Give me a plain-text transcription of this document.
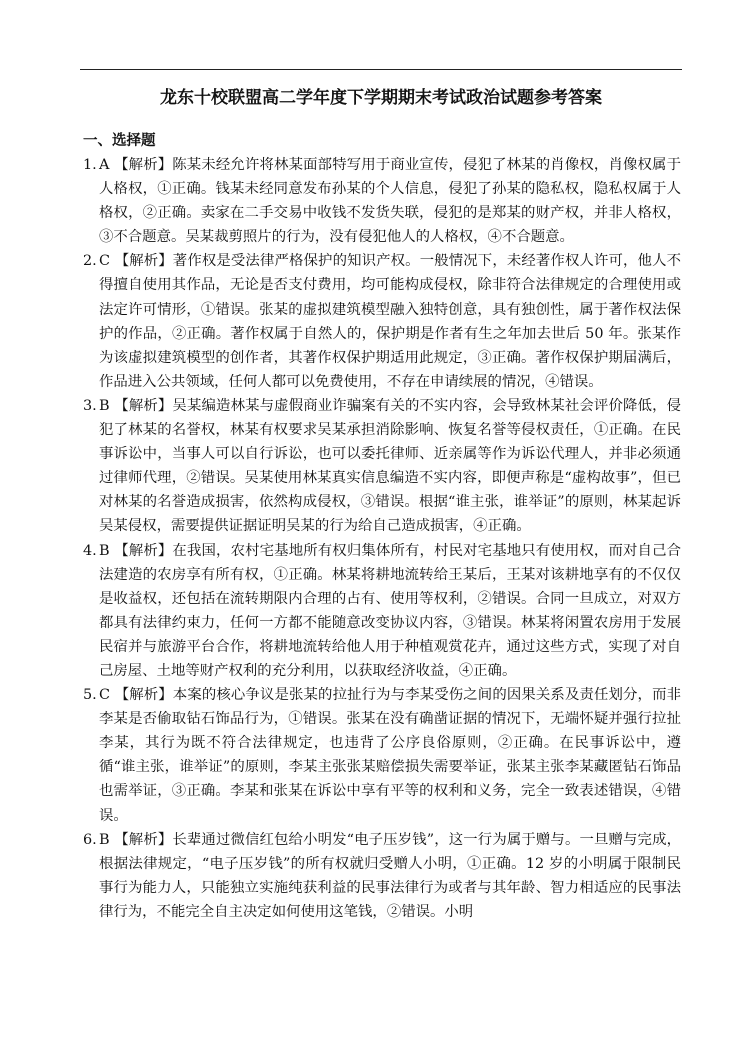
龙东十校联盟高二学年度下学期期末考试政治试题参考答案
一、选择题

1. A 【解析】陈某未经允许将林某面部特写用于商业宣传，侵犯了林某的肖像权，肖像权属于人格权，①正确。钱某未经同意发布孙某的个人信息，侵犯了孙某的隐私权，隐私权属于人格权，②正确。卖家在二手交易中收钱不发货失联，侵犯的是郑某的财产权，并非人格权，③不合题意。吴某裁剪照片的行为，没有侵犯他人的人格权，④不合题意。

2. C 【解析】著作权是受法律严格保护的知识产权。一般情况下，未经著作权人许可，他人不得擅自使用其作品，无论是否支付费用，均可能构成侵权，除非符合法律规定的合理使用或法定许可情形，①错误。张某的虚拟建筑模型融入独特创意，具有独创性，属于著作权法保护的作品，②正确。著作权属于自然人的，保护期是作者有生之年加去世后 50 年。张某作为该虚拟建筑模型的创作者，其著作权保护期适用此规定，③正确。著作权保护期届满后，作品进入公共领域，任何人都可以免费使用，不存在申请续展的情况，④错误。

3. B 【解析】吴某编造林某与虚假商业诈骗案有关的不实内容，会导致林某社会评价降低，侵犯了林某的名誉权，林某有权要求吴某承担消除影响、恢复名誉等侵权责任，①正确。在民事诉讼中，当事人可以自行诉讼，也可以委托律师、近亲属等作为诉讼代理人，并非必须通过律师代理，②错误。吴某使用林某真实信息编造不实内容，即便声称是“虚构故事”，但已对林某的名誉造成损害，依然构成侵权，③错误。根据“谁主张，谁举证”的原则，林某起诉吴某侵权，需要提供证据证明吴某的行为给自己造成损害，④正确。

4. B 【解析】在我国，农村宅基地所有权归集体所有，村民对宅基地只有使用权，而对自己合法建造的农房享有所有权，①正确。林某将耕地流转给王某后，王某对该耕地享有的不仅仅是收益权，还包括在流转期限内合理的占有、使用等权利，②错误。合同一旦成立，对双方都具有法律约束力，任何一方都不能随意改变协议内容，③错误。林某将闲置农房用于发展民宿并与旅游平台合作，将耕地流转给他人用于种植观赏花卉，通过这些方式，实现了对自己房屋、土地等财产权利的充分利用，以获取经济收益，④正确。

5. C 【解析】本案的核心争议是张某的拉扯行为与李某受伤之间的因果关系及责任划分，而非李某是否偷取钻石饰品行为，①错误。张某在没有确凿证据的情况下，无端怀疑并强行拉扯李某，其行为既不符合法律规定，也违背了公序良俗原则，②正确。在民事诉讼中，遵循“谁主张，谁举证”的原则，李某主张张某赔偿损失需要举证，张某主张李某藏匿钻石饰品也需举证，③正确。李某和张某在诉讼中享有平等的权利和义务，完全一致表述错误，④错误。

6. B 【解析】长辈通过微信红包给小明发“电子压岁钱”，这一行为属于赠与。一旦赠与完成，根据法律规定，“电子压岁钱”的所有权就归受赠人小明，①正确。12 岁的小明属于限制民事行为能力人，只能独立实施纯获利益的民事法律行为或者与其年龄、智力相适应的民事法律行为，不能完全自主决定如何使用这笔钱，②错误。小明
